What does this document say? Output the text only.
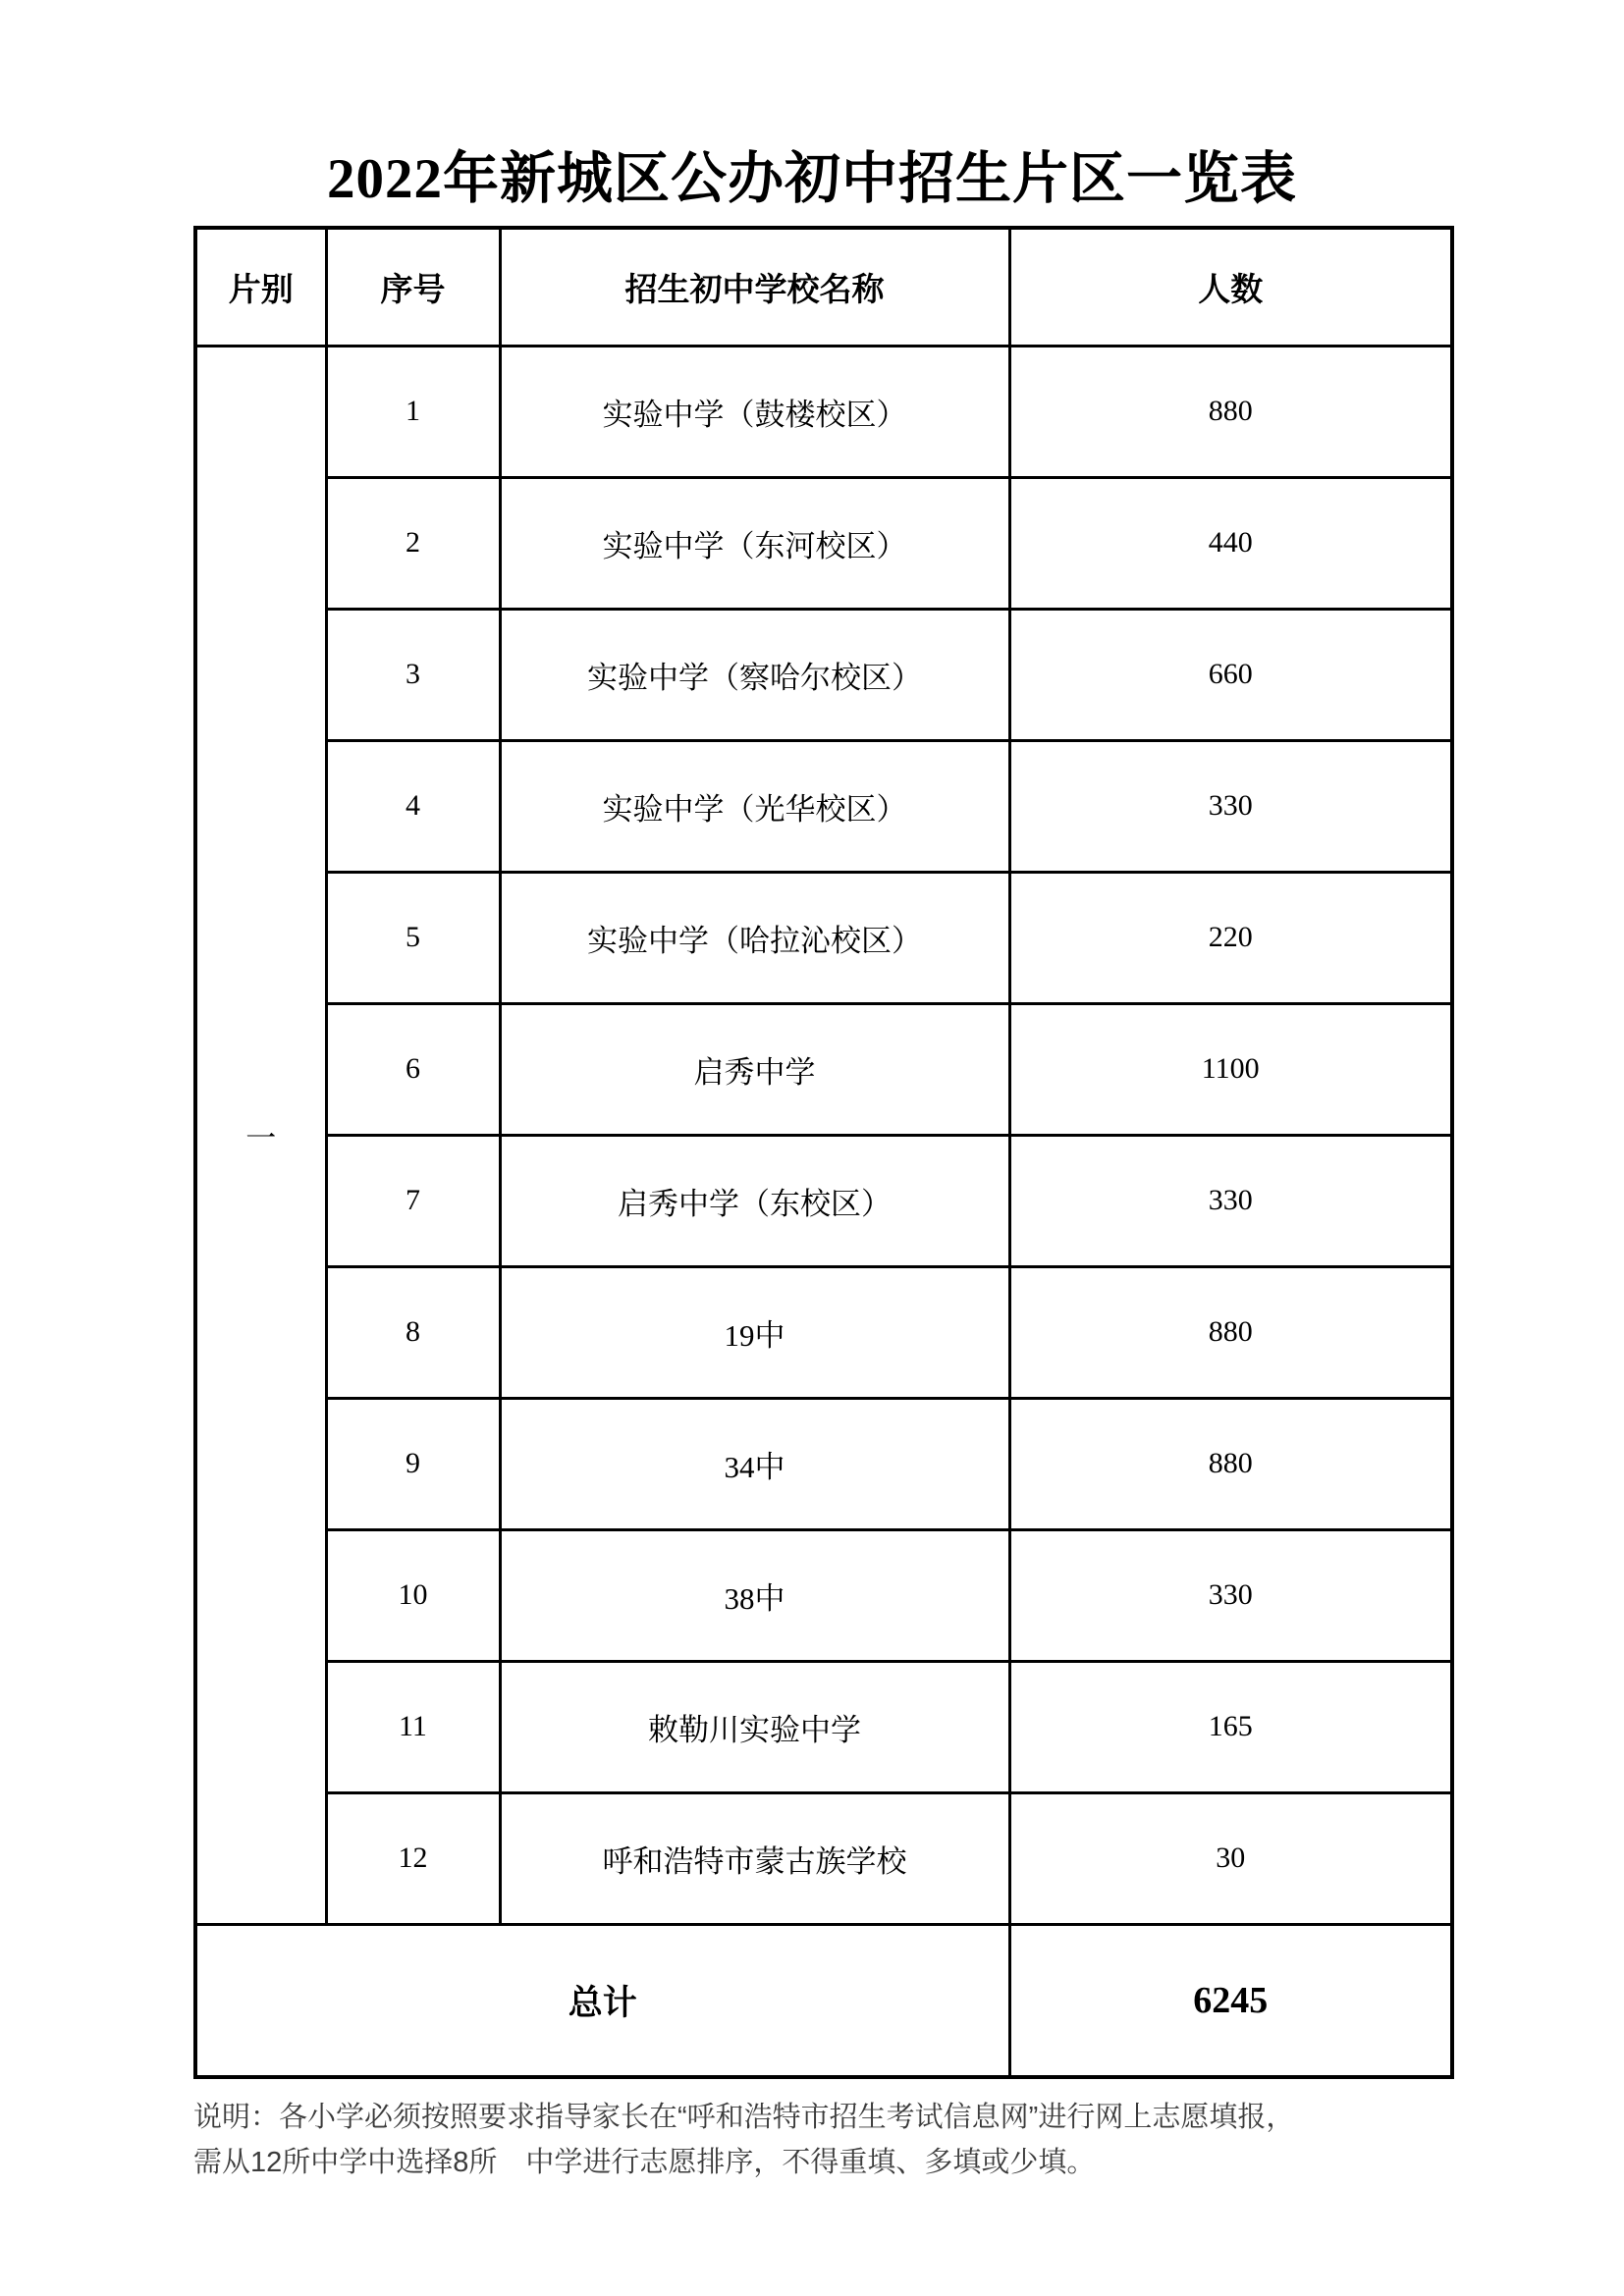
2022年新城区公办初中招生片区一览表
片别	序号	招生初中学校名称	人数
一	1	实验中学（鼓楼校区）	880
	2	实验中学（东河校区）	440
	3	实验中学（察哈尔校区）	660
	4	实验中学（光华校区）	330
	5	实验中学（哈拉沁校区）	220
	6	启秀中学	1100
	7	启秀中学（东校区）	330
	8	19中	880
	9	34中	880
	10	38中	330
	11	敕勒川实验中学	165
	12	呼和浩特市蒙古族学校	30
总计			6245
说明：各小学必须按照要求指导家长在“呼和浩特市招生考试信息网”进行网上志愿填报，
需从12所中学中选择8所　中学进行志愿排序，不得重填、多填或少填。
